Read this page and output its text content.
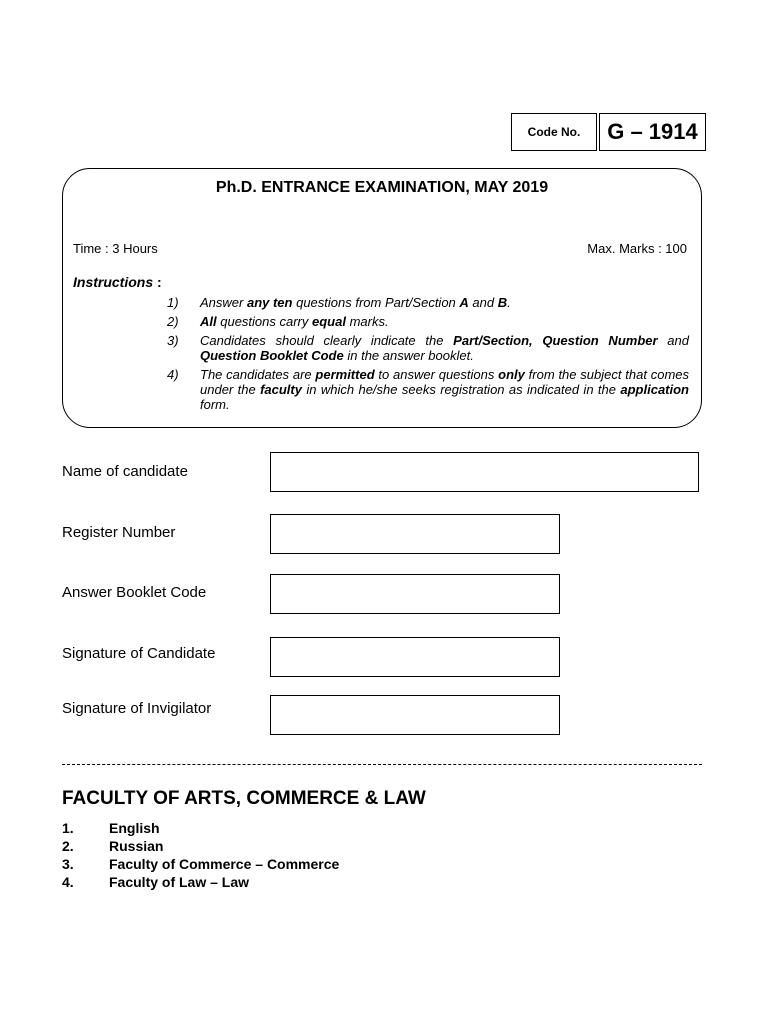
Code No.	G – 1914
Ph.D. ENTRANCE EXAMINATION, MAY 2019
Time : 3 Hours	Max. Marks : 100
Instructions :
1)	Answer any ten questions from Part/Section A and B.
2)	All questions carry equal marks.
3)	Candidates should clearly indicate the Part/Section, Question Number and Question Booklet Code in the answer booklet.
4)	The candidates are permitted to answer questions only from the subject that comes under the faculty in which he/she seeks registration as indicated in the application form.
Name of candidate
Register Number
Answer Booklet Code
Signature of Candidate
Signature of Invigilator
FACULTY OF ARTS, COMMERCE & LAW
1.	English
2.	Russian
3.	Faculty of Commerce – Commerce
4.	Faculty of Law – Law
